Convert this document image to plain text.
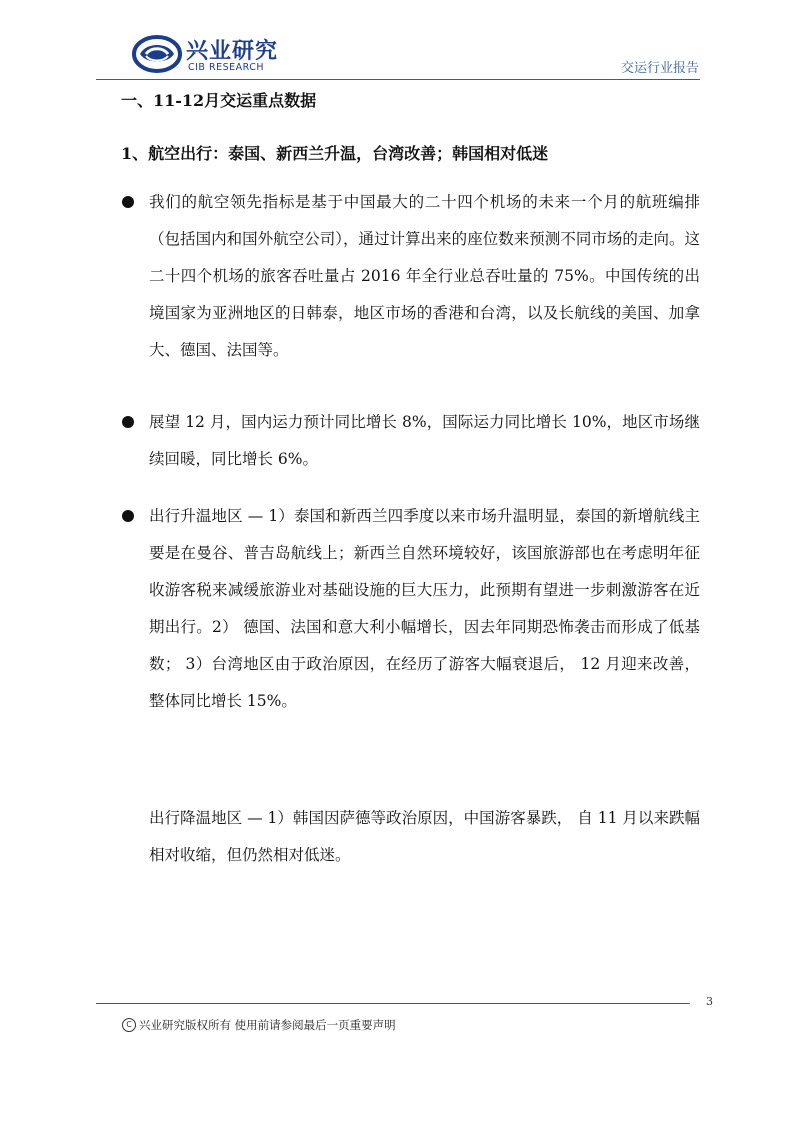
兴业研究
CIB RESEARCH	交运行业报告
一、11-12月交运重点数据
1、航空出行：泰国、新西兰升温，台湾改善；韩国相对低迷
我们的航空领先指标是基于中国最大的二十四个机场的未来一个月的航班编排（包括国内和国外航空公司），通过计算出来的座位数来预测不同市场的走向。这二十四个机场的旅客吞吐量占 2016 年全行业总吞吐量的 75%。中国传统的出境国家为亚洲地区的日韩泰，地区市场的香港和台湾，以及长航线的美国、加拿大、德国、法国等。
展望 12 月，国内运力预计同比增长 8%，国际运力同比增长 10%，地区市场继续回暖，同比增长 6%。
出行升温地区 — 1）泰国和新西兰四季度以来市场升温明显，泰国的新增航线主要是在曼谷、普吉岛航线上；新西兰自然环境较好，该国旅游部也在考虑明年征收游客税来减缓旅游业对基础设施的巨大压力，此预期有望进一步刺激游客在近期出行。2） 德国、法国和意大利小幅增长，因去年同期恐怖袭击而形成了低基数； 3）台湾地区由于政治原因，在经历了游客大幅衰退后， 12 月迎来改善，整体同比增长 15%。
出行降温地区 — 1）韩国因萨德等政治原因，中国游客暴跌， 自 11 月以来跌幅相对收缩，但仍然相对低迷。
3
C 兴业研究版权所有 使用前请参阅最后一页重要声明
